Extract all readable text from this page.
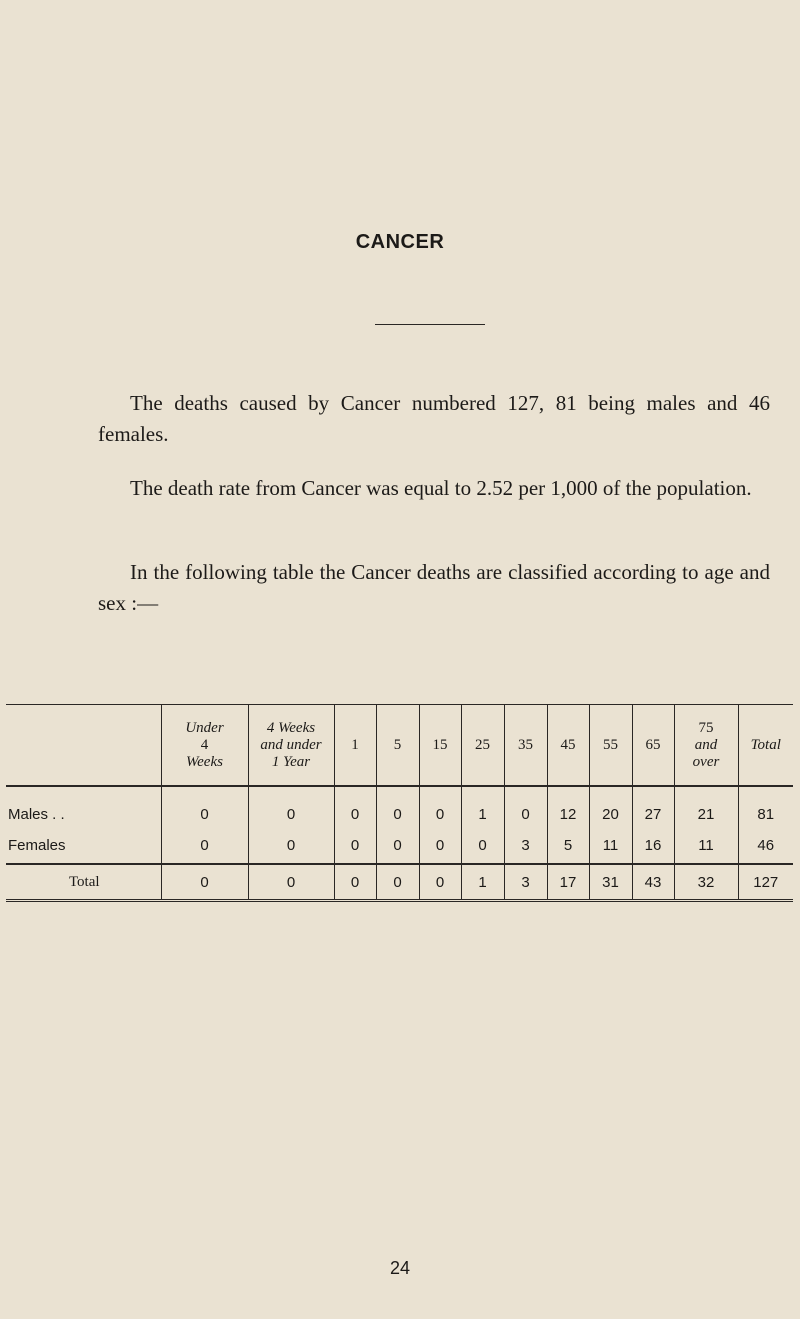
CANCER

The deaths caused by Cancer numbered 127, 81 being males and 46 females.

The death rate from Cancer was equal to 2.52 per 1,000 of the population.

In the following table the Cancer deaths are classified according to age and sex :—

	Under
4
Weeks	4 Weeks
and under
1 Year	1	5	15	25	35	45	55	65	75
and
over	Total
Males . .	0	0	0	0	0	1	0	12	20	27	21	81
Females	0	0	0	0	0	0	3	5	11	16	11	46
Total	0	0	0	0	0	1	3	17	31	43	32	127
24
